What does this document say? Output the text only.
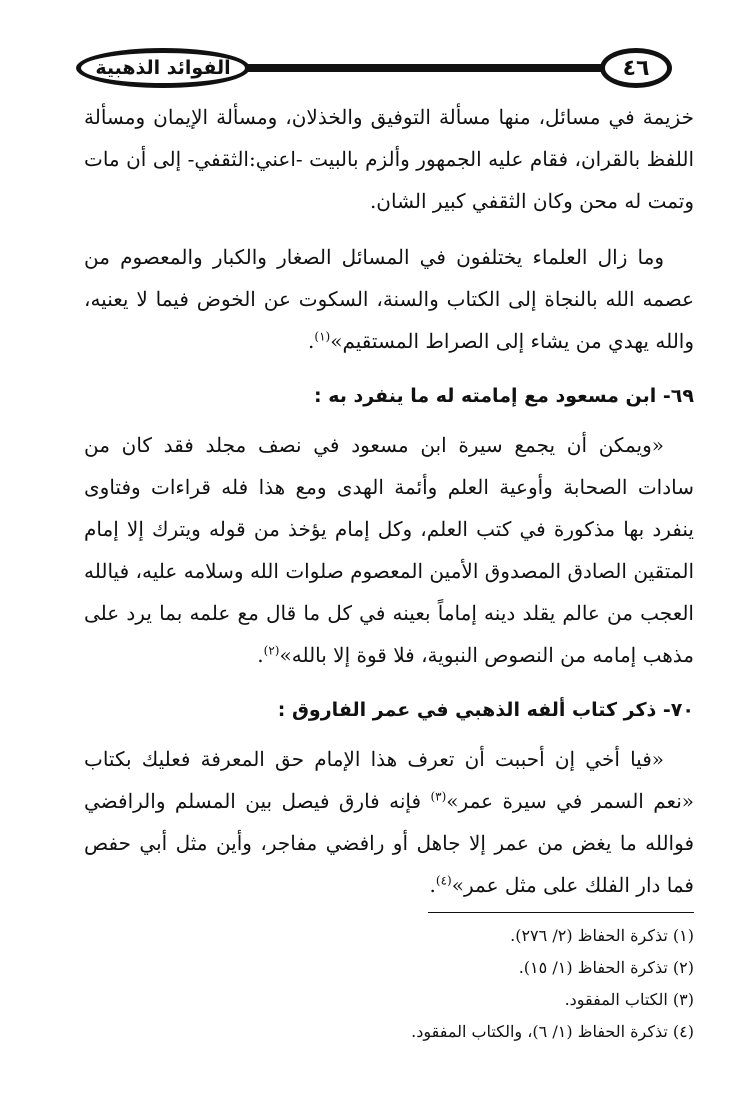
الفوائد الذهبية	٤٦

خزيمة في مسائل، منها مسألة التوفيق والخذلان، ومسألة الإيمان ومسألة اللفظ بالقران، فقام عليه الجمهور وألزم بالبيت -اعني:الثقفي- إلى أن مات وتمت له محن وكان الثقفي كبير الشان.

وما زال العلماء يختلفون في المسائل الصغار والكبار والمعصوم من عصمه الله بالنجاة إلى الكتاب والسنة، السكوت عن الخوض فيما لا يعنيه، والله يهدي من يشاء إلى الصراط المستقيم»$^{(١)}$.

٦٩- ابن مسعود مع إمامته له ما ينفرد به :

«ويمكن أن يجمع سيرة ابن مسعود في نصف مجلد فقد كان من سادات الصحابة وأوعية العلم وأئمة الهدى ومع هذا فله قراءات وفتاوى ينفرد بها مذكورة في كتب العلم، وكل إمام يؤخذ من قوله ويترك إلا إمام المتقين الصادق المصدوق الأمين المعصوم صلوات الله وسلامه عليه، فيالله العجب من عالم يقلد دينه إماماً بعينه في كل ما قال مع علمه بما يرد على مذهب إمامه من النصوص النبوية، فلا قوة إلا بالله»$^{(٢)}$.

٧٠- ذكر كتاب ألفه الذهبي في عمر الفاروق :

«فيا أخي إن أحببت أن تعرف هذا الإمام حق المعرفة فعليك بكتاب «نعم السمر في سيرة عمر»$^{(٣)}$ فإنه فارق فيصل بين المسلم والرافضي فوالله ما يغض من عمر إلا جاهل أو رافضي مفاجر، وأين مثل أبي حفص فما دار الفلك على مثل عمر»$^{(٤)}$.

(١) تذكرة الحفاظ (٢/ ٢٧٦).
(٢) تذكرة الحفاظ (١/ ١٥).
(٣) الكتاب المفقود.
(٤) تذكرة الحفاظ (١/ ٦)، والكتاب المفقود.
